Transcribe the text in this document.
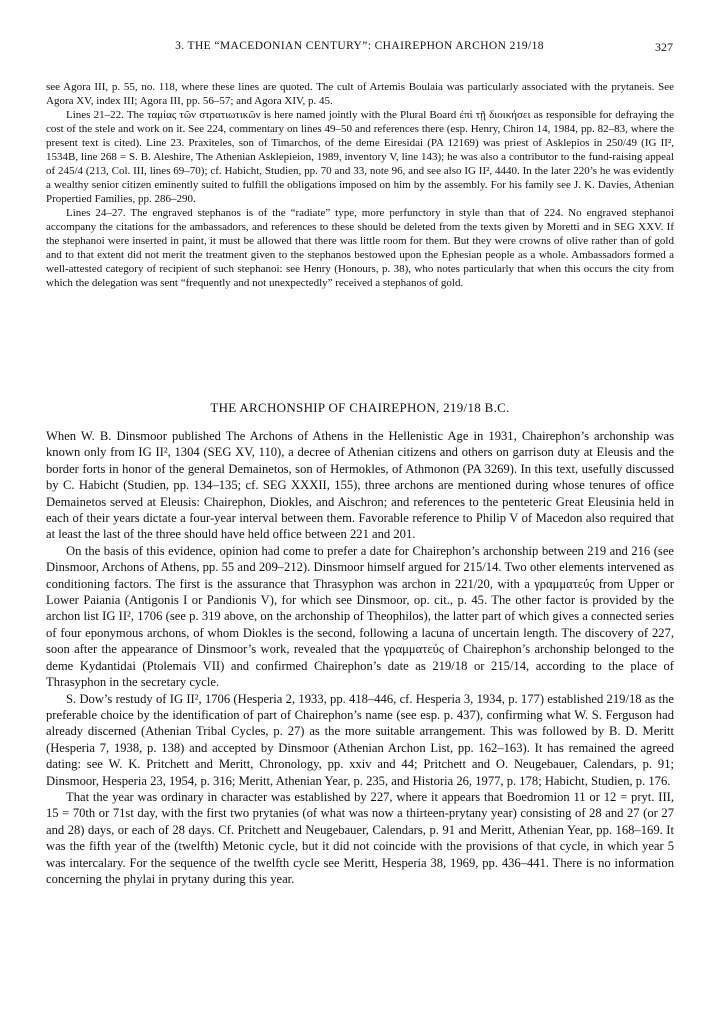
3. THE “MACEDONIAN CENTURY”: CHAIREPHON ARCHON 219/18	327

see Agora III, p. 55, no. 118, where these lines are quoted. The cult of Artemis Boulaia was particularly associated with the prytaneis. See Agora XV, index III; Agora III, pp. 56–57; and Agora XIV, p. 45.

Lines 21–22. The ταμίας τῶν στρατιωτικῶν is here named jointly with the Plural Board ἐπὶ τῇ διοικήσει as responsible for defraying the cost of the stele and work on it. See 224, commentary on lines 49–50 and references there (esp. Henry, Chiron 14, 1984, pp. 82–83, where the present text is cited). Line 23. Praxiteles, son of Timarchos, of the deme Eiresidai (PA 12169) was priest of Asklepios in 250/49 (IG II², 1534B, line 268 = S. B. Aleshire, The Athenian Asklepieion, 1989, inventory V, line 143); he was also a contributor to the fund-raising appeal of 245/4 (213, Col. III, lines 69–70); cf. Habicht, Studien, pp. 70 and 33, note 96, and see also IG II², 4440. In the later 220’s he was evidently a wealthy senior citizen eminently suited to fulfill the obligations imposed on him by the assembly. For his family see J. K. Davies, Athenian Propertied Families, pp. 286–290.

Lines 24–27. The engraved stephanos is of the “radiate” type, more perfunctory in style than that of 224. No engraved stephanoi accompany the citations for the ambassadors, and references to these should be deleted from the texts given by Moretti and in SEG XXV. If the stephanoi were inserted in paint, it must be allowed that there was little room for them. But they were crowns of olive rather than of gold and to that extent did not merit the treatment given to the stephanos bestowed upon the Ephesian people as a whole. Ambassadors formed a well-attested category of recipient of such stephanoi: see Henry (Honours, p. 38), who notes particularly that when this occurs the city from which the delegation was sent “frequently and not unexpectedly” received a stephanos of gold.

THE ARCHONSHIP OF CHAIREPHON, 219/18 B.C.

When W. B. Dinsmoor published The Archons of Athens in the Hellenistic Age in 1931, Chairephon’s archonship was known only from IG II², 1304 (SEG XV, 110), a decree of Athenian citizens and others on garrison duty at Eleusis and the border forts in honor of the general Demainetos, son of Hermokles, of Athmonon (PA 3269). In this text, usefully discussed by C. Habicht (Studien, pp. 134–135; cf. SEG XXXII, 155), three archons are mentioned during whose tenures of office Demainetos served at Eleusis: Chairephon, Diokles, and Aischron; and references to the penteteric Great Eleusinia held in each of their years dictate a four-year interval between them. Favorable reference to Philip V of Macedon also required that at least the last of the three should have held office between 221 and 201.

On the basis of this evidence, opinion had come to prefer a date for Chairephon’s archonship between 219 and 216 (see Dinsmoor, Archons of Athens, pp. 55 and 209–212). Dinsmoor himself argued for 215/14. Two other elements intervened as conditioning factors. The first is the assurance that Thrasyphon was archon in 221/20, with a γραμματεύς from Upper or Lower Paiania (Antigonis I or Pandionis V), for which see Dinsmoor, op. cit., p. 45. The other factor is provided by the archon list IG II², 1706 (see p. 319 above, on the archonship of Theophilos), the latter part of which gives a connected series of four eponymous archons, of whom Diokles is the second, following a lacuna of uncertain length. The discovery of 227, soon after the appearance of Dinsmoor’s work, revealed that the γραμματεύς of Chairephon’s archonship belonged to the deme Kydantidai (Ptolemais VII) and confirmed Chairephon’s date as 219/18 or 215/14, according to the place of Thrasyphon in the secretary cycle.

S. Dow’s restudy of IG II², 1706 (Hesperia 2, 1933, pp. 418–446, cf. Hesperia 3, 1934, p. 177) established 219/18 as the preferable choice by the identification of part of Chairephon’s name (see esp. p. 437), confirming what W. S. Ferguson had already discerned (Athenian Tribal Cycles, p. 27) as the more suitable arrangement. This was followed by B. D. Meritt (Hesperia 7, 1938, p. 138) and accepted by Dinsmoor (Athenian Archon List, pp. 162–163). It has remained the agreed dating: see W. K. Pritchett and Meritt, Chronology, pp. xxiv and 44; Pritchett and O. Neugebauer, Calendars, p. 91; Dinsmoor, Hesperia 23, 1954, p. 316; Meritt, Athenian Year, p. 235, and Historia 26, 1977, p. 178; Habicht, Studien, p. 176.

That the year was ordinary in character was established by 227, where it appears that Boedromion 11 or 12 = pryt. III, 15 = 70th or 71st day, with the first two prytanies (of what was now a thirteen-prytany year) consisting of 28 and 27 (or 27 and 28) days, or each of 28 days. Cf. Pritchett and Neugebauer, Calendars, p. 91 and Meritt, Athenian Year, pp. 168–169. It was the fifth year of the (twelfth) Metonic cycle, but it did not coincide with the provisions of that cycle, in which year 5 was intercalary. For the sequence of the twelfth cycle see Meritt, Hesperia 38, 1969, pp. 436–441. There is no information concerning the phylai in prytany during this year.
